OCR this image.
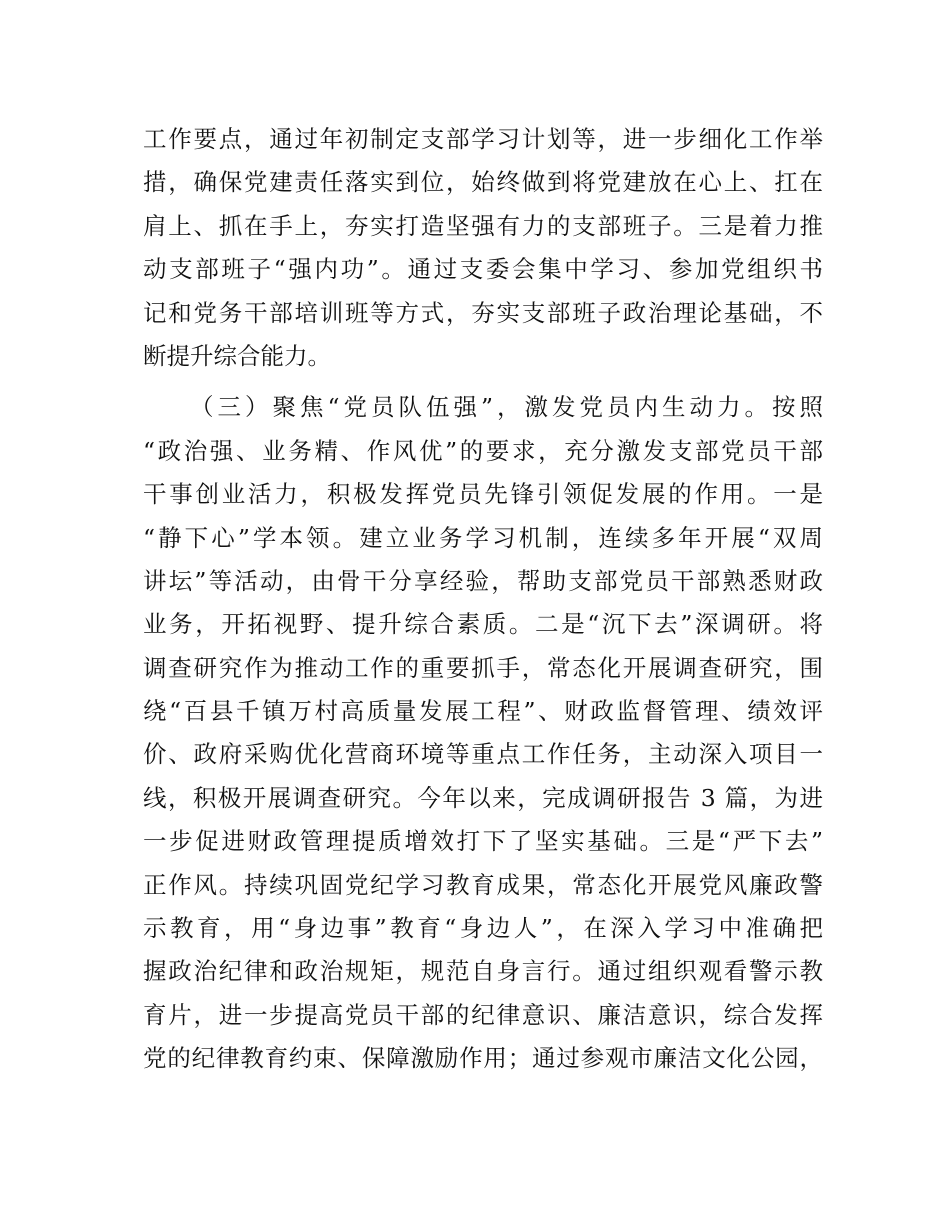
工作要点，通过年初制定支部学习计划等，进一步细化工作举
措，确保党建责任落实到位，始终做到将党建放在心上、扛在
肩上、抓在手上，夯实打造坚强有力的支部班子。三是着力推
动支部班子“强内功”。通过支委会集中学习、参加党组织书
记和党务干部培训班等方式，夯实支部班子政治理论基础，不
断提升综合能力。
（三）聚焦“党员队伍强”，激发党员内生动力。按照
“政治强、业务精、作风优”的要求，充分激发支部党员干部
干事创业活力，积极发挥党员先锋引领促发展的作用。一是
“静下心”学本领。建立业务学习机制，连续多年开展“双周
讲坛”等活动，由骨干分享经验，帮助支部党员干部熟悉财政
业务，开拓视野、提升综合素质。二是“沉下去”深调研。将
调查研究作为推动工作的重要抓手，常态化开展调查研究，围
绕“百县千镇万村高质量发展工程”、财政监督管理、绩效评
价、政府采购优化营商环境等重点工作任务，主动深入项目一
线，积极开展调查研究。今年以来，完成调研报告 3 篇，为进
一步促进财政管理提质增效打下了坚实基础。三是“严下去”
正作风。持续巩固党纪学习教育成果，常态化开展党风廉政警
示教育，用“身边事”教育“身边人”，在深入学习中准确把
握政治纪律和政治规矩，规范自身言行。通过组织观看警示教
育片，进一步提高党员干部的纪律意识、廉洁意识，综合发挥
党的纪律教育约束、保障激励作用；通过参观市廉洁文化公园，
